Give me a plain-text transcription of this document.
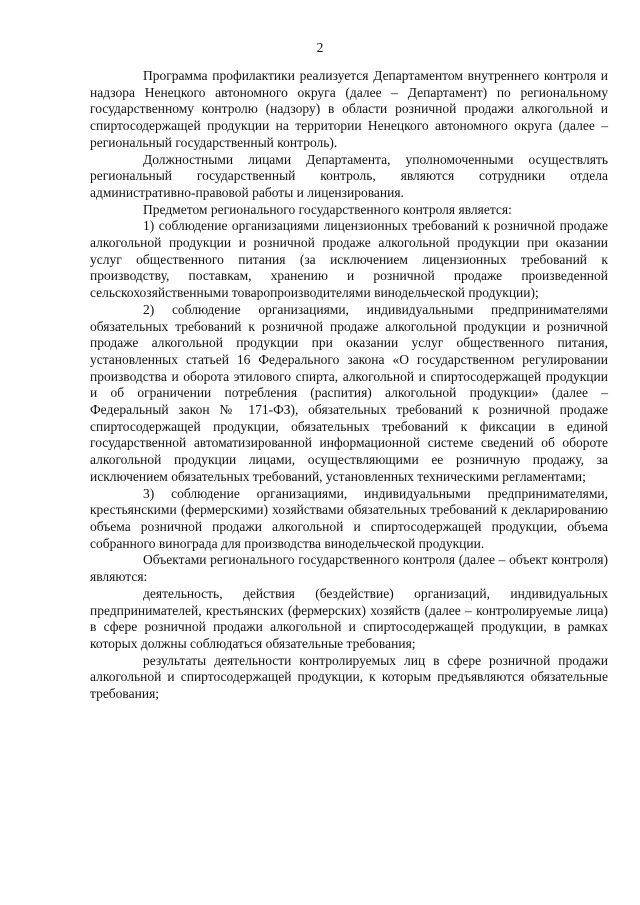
2

Программа профилактики реализуется Департаментом внутреннего контроля и надзора Ненецкого автономного округа (далее – Департамент) по региональному государственному контролю (надзору) в области розничной продажи алкогольной и спиртосодержащей продукции на территории Ненецкого автономного округа (далее – региональный государственный контроль).

Должностными лицами Департамента, уполномоченными осуществлять региональный государственный контроль, являются сотрудники отдела административно-правовой работы и лицензирования.

Предметом регионального государственного контроля является:

1) соблюдение организациями лицензионных требований к розничной продаже алкогольной продукции и розничной продаже алкогольной продукции при оказании услуг общественного питания (за исключением лицензионных требований к производству, поставкам, хранению и розничной продаже произведенной сельскохозяйственными товаропроизводителями винодельческой продукции);

2) соблюдение организациями, индивидуальными предпринимателями обязательных требований к розничной продаже алкогольной продукции и розничной продаже алкогольной продукции при оказании услуг общественного питания, установленных статьей 16 Федерального закона «О государственном регулировании производства и оборота этилового спирта, алкогольной и спиртосодержащей продукции и об ограничении потребления (распития) алкогольной продукции» (далее – Федеральный закон № 171-ФЗ), обязательных требований к розничной продаже спиртосодержащей продукции, обязательных требований к фиксации в единой государственной автоматизированной информационной системе сведений об обороте алкогольной продукции лицами, осуществляющими ее розничную продажу, за исключением обязательных требований, установленных техническими регламентами;

3) соблюдение организациями, индивидуальными предпринимателями, крестьянскими (фермерскими) хозяйствами обязательных требований к декларированию объема розничной продажи алкогольной и спиртосодержащей продукции, объема собранного винограда для производства винодельческой продукции.

Объектами регионального государственного контроля (далее – объект контроля) являются:

деятельность, действия (бездействие) организаций, индивидуальных предпринимателей, крестьянских (фермерских) хозяйств (далее – контролируемые лица) в сфере розничной продажи алкогольной и спиртосодержащей продукции, в рамках которых должны соблюдаться обязательные требования;

результаты деятельности контролируемых лиц в сфере розничной продажи алкогольной и спиртосодержащей продукции, к которым предъявляются обязательные требования;
